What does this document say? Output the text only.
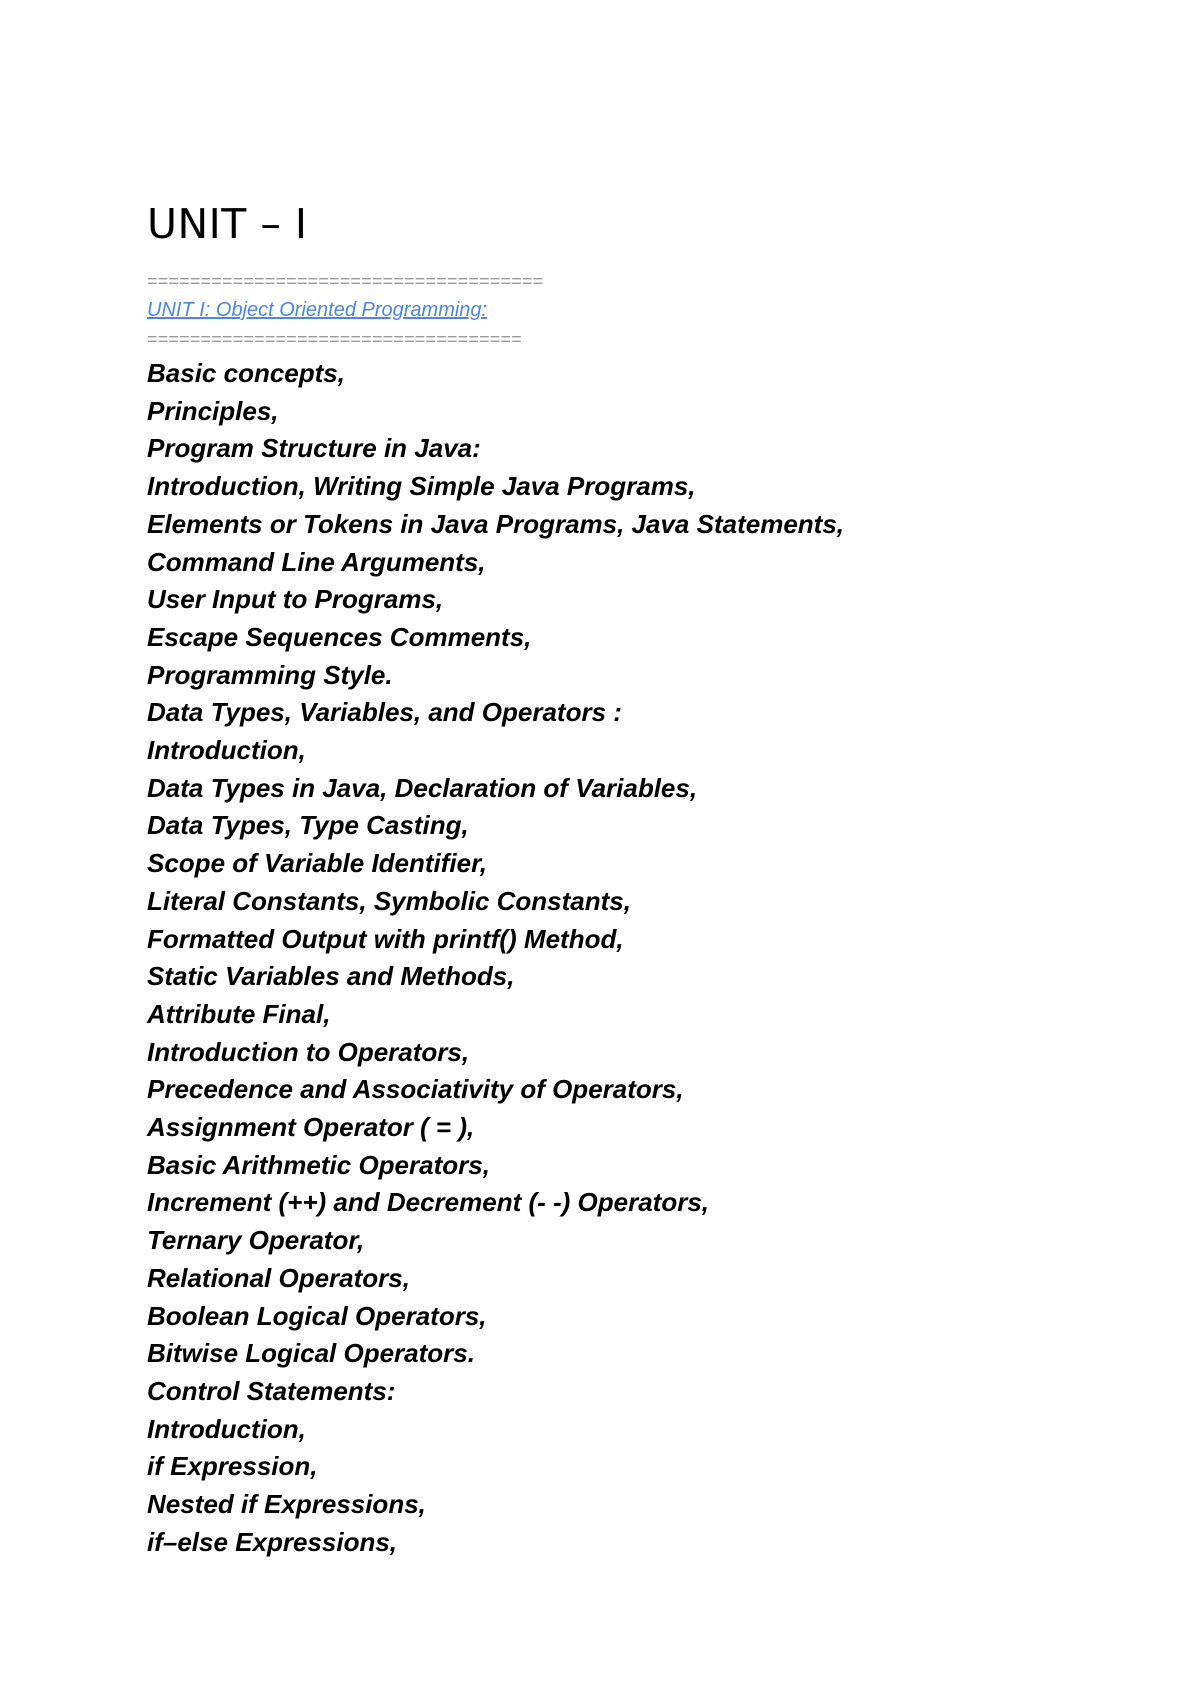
UNIT – I
=====================================
UNIT I: Object Oriented Programming:
===================================
Basic concepts,
Principles,
Program Structure in Java:
Introduction, Writing Simple Java Programs,
Elements or Tokens in Java Programs, Java Statements,
Command Line Arguments,
User Input to Programs,
Escape Sequences Comments,
Programming Style.
Data Types, Variables, and Operators :
Introduction,
Data Types in Java, Declaration of Variables,
Data Types, Type Casting,
Scope of Variable Identifier,
Literal Constants, Symbolic Constants,
Formatted Output with printf() Method,
Static Variables and Methods,
Attribute Final,
Introduction to Operators,
Precedence and Associativity of Operators,
Assignment Operator ( = ),
Basic Arithmetic Operators,
Increment (++) and Decrement (- -) Operators,
Ternary Operator,
Relational Operators,
Boolean Logical Operators,
Bitwise Logical Operators.
Control Statements:
Introduction,
if Expression,
Nested if Expressions,
if–else Expressions,
